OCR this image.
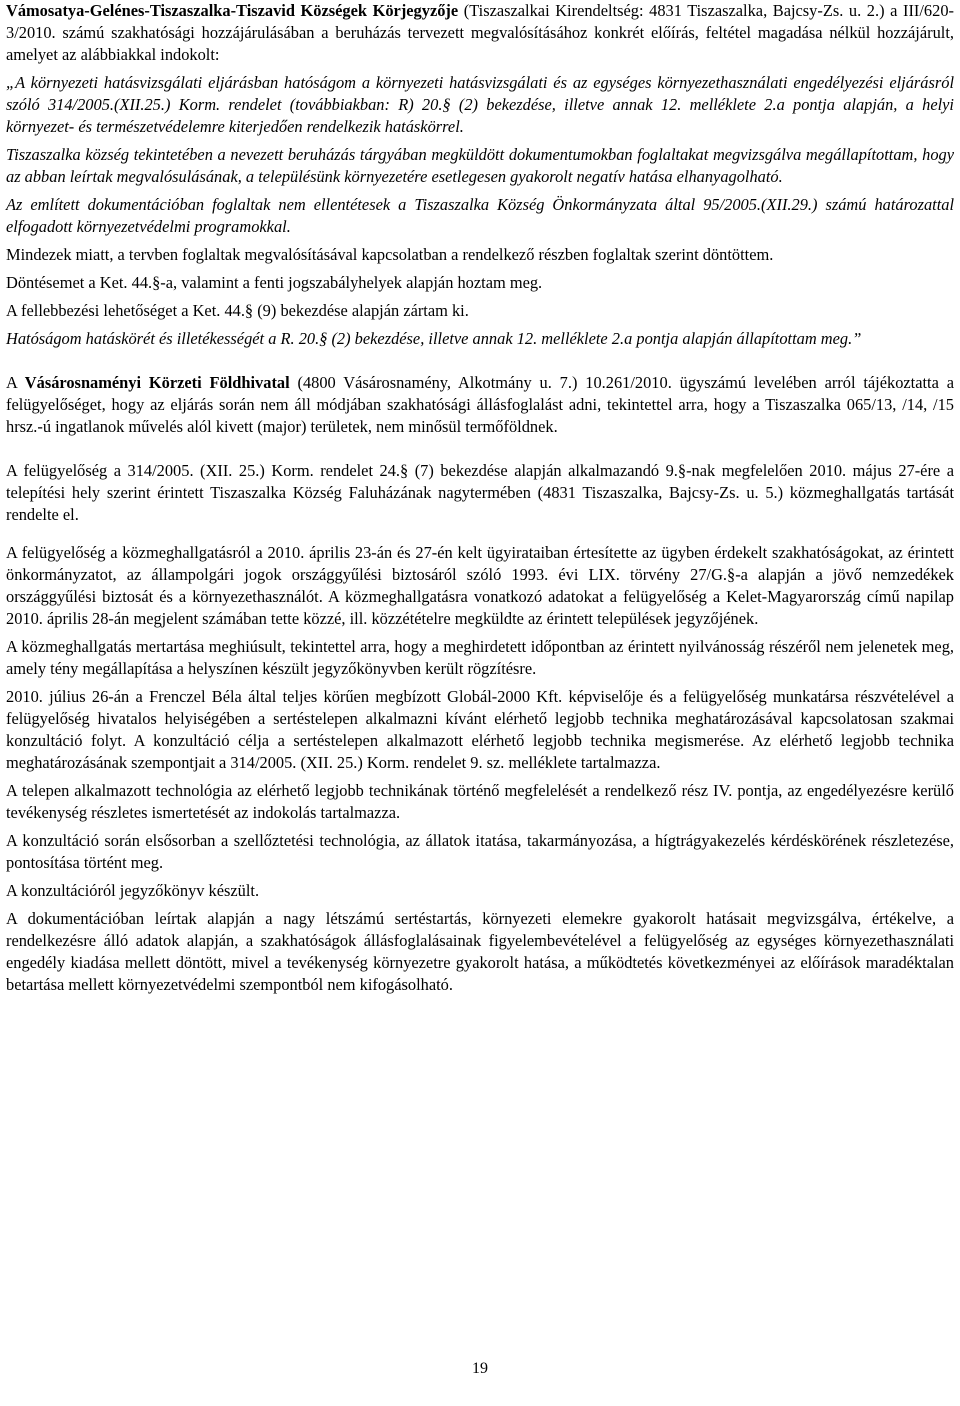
Vámosatya-Gelénes-Tiszaszalka-Tiszavid Községek Körjegyzője (Tiszaszalkai Kirendeltség: 4831 Tiszaszalka, Bajcsy-Zs. u. 2.) a III/620-3/2010. számú szakhatósági hozzájárulásában a beruházás tervezett megvalósításához konkrét előírás, feltétel magadása nélkül hozzájárult, amelyet az alábbiakkal indokolt:

„A környezeti hatásvizsgálati eljárásban hatóságom a környezeti hatásvizsgálati és az egységes környezethasználati engedélyezési eljárásról szóló 314/2005.(XII.25.) Korm. rendelet (továbbiakban: R) 20.§ (2) bekezdése, illetve annak 12. melléklete 2.a pontja alapján, a helyi környezet- és természetvédelemre kiterjedően rendelkezik hatáskörrel.

Tiszaszalka község tekintetében a nevezett beruházás tárgyában megküldött dokumentumokban foglaltakat megvizsgálva megállapítottam, hogy az abban leírtak megvalósulásának, a településünk környezetére esetlegesen gyakorolt negatív hatása elhanyagolható.

Az említett dokumentációban foglaltak nem ellentétesek a Tiszaszalka Község Önkormányzata által 95/2005.(XII.29.) számú határozattal elfogadott környezetvédelmi programokkal.

Mindezek miatt, a tervben foglaltak megvalósításával kapcsolatban a rendelkező részben foglaltak szerint döntöttem.

Döntésemet a Ket. 44.§-a, valamint a fenti jogszabályhelyek alapján hoztam meg.

A fellebbezési lehetőséget a Ket. 44.§ (9) bekezdése alapján zártam ki.

Hatóságom hatáskörét és illetékességét a R. 20.§ (2) bekezdése, illetve annak 12. melléklete 2.a pontja alapján állapítottam meg.”

A Vásárosnaményi Körzeti Földhivatal (4800 Vásárosnamény, Alkotmány u. 7.) 10.261/2010. ügyszámú levelében arról tájékoztatta a felügyelőséget, hogy az eljárás során nem áll módjában szakhatósági állásfoglalást adni, tekintettel arra, hogy a Tiszaszalka 065/13, /14, /15 hrsz.-ú ingatlanok művelés alól kivett (major) területek, nem minősül termőföldnek.

A felügyelőség a 314/2005. (XII. 25.) Korm. rendelet 24.§ (7) bekezdése alapján alkalmazandó 9.§-nak megfelelően 2010. május 27-ére a telepítési hely szerint érintett Tiszaszalka Község Faluházának nagytermében (4831 Tiszaszalka, Bajcsy-Zs. u. 5.) közmeghallgatás tartását rendelte el.

A felügyelőség a közmeghallgatásról a 2010. április 23-án és 27-én kelt ügyirataiban értesítette az ügyben érdekelt szakhatóságokat, az érintett önkormányzatot, az állampolgári jogok országgyűlési biztosáról szóló 1993. évi LIX. törvény 27/G.§-a alapján a jövő nemzedékek országgyűlési biztosát és a környezethasználót. A közmeghallgatásra vonatkozó adatokat a felügyelőség a Kelet-Magyarország című napilap 2010. április 28-án megjelent számában tette közzé, ill. közzétételre megküldte az érintett települések jegyzőjének.

A közmeghallgatás mertartása meghiúsult, tekintettel arra, hogy a meghirdetett időpontban az érintett nyilvánosság részéről nem jelenetek meg, amely tény megállapítása a helyszínen készült jegyzőkönyvben került rögzítésre.

2010. július 26-án a Frenczel Béla által teljes körűen megbízott Globál-2000 Kft. képviselője és a felügyelőség munkatársa részvételével a felügyelőség hivatalos helyiségében a sertéstelepen alkalmazni kívánt elérhető legjobb technika meghatározásával kapcsolatosan szakmai konzultáció folyt. A konzultáció célja a sertéstelepen alkalmazott elérhető legjobb technika megismerése. Az elérhető legjobb technika meghatározásának szempontjait a 314/2005. (XII. 25.) Korm. rendelet 9. sz. melléklete tartalmazza.

A telepen alkalmazott technológia az elérhető legjobb technikának történő megfelelését a rendelkező rész IV. pontja, az engedélyezésre kerülő tevékenység részletes ismertetését az indokolás tartalmazza.

A konzultáció során elsősorban a szellőztetési technológia, az állatok itatása, takarmányozása, a hígtrágyakezelés kérdéskörének részletezése, pontosítása történt meg.

A konzultációról jegyzőkönyv készült.

A dokumentációban leírtak alapján a nagy létszámú sertéstartás, környezeti elemekre gyakorolt hatásait megvizsgálva, értékelve, a rendelkezésre álló adatok alapján, a szakhatóságok állásfoglalásainak figyelembevételével a felügyelőség az egységes környezethasználati engedély kiadása mellett döntött, mivel a tevékenység környezetre gyakorolt hatása, a működtetés következményei az előírások maradéktalan betartása mellett környezetvédelmi szempontból nem kifogásolható.

19
